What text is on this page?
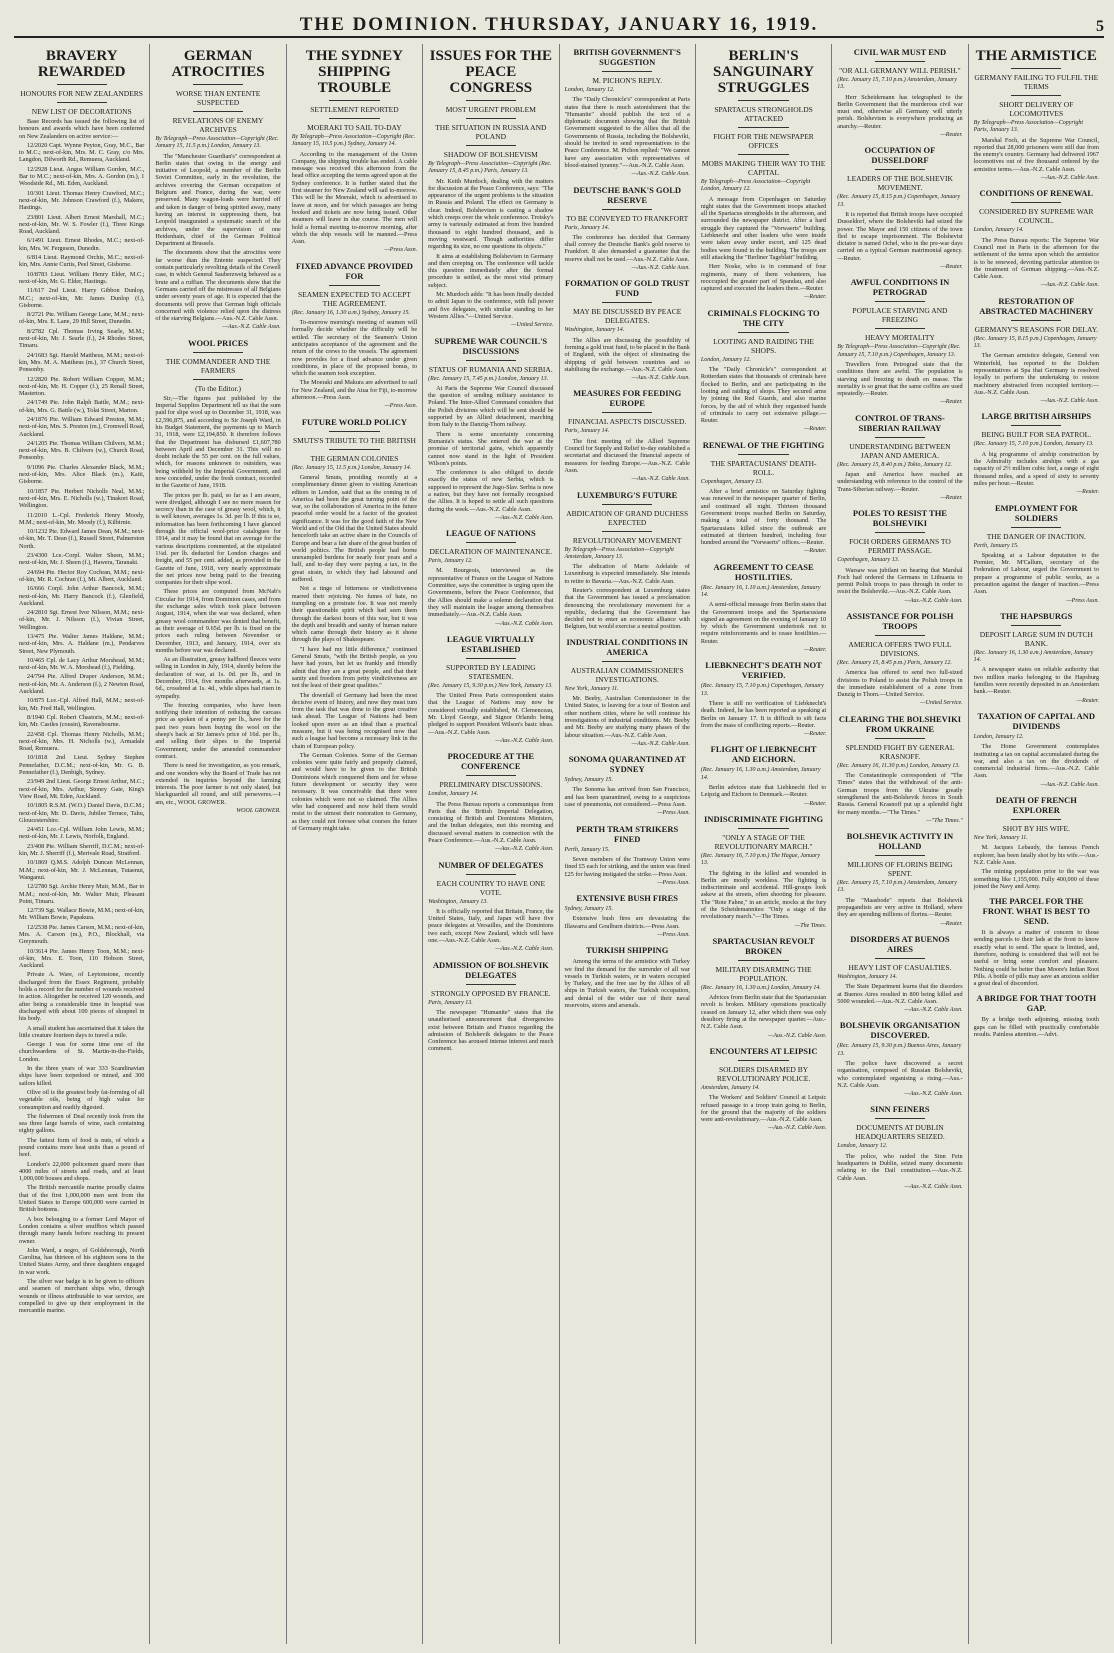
THE DOMINION. THURSDAY, JANUARY 16, 1919.	5
BRAVERY REWARDED
HONOURS FOR NEW ZEALANDERS
NEW LIST OF DECORATIONS

Base Records has issued the following list of honours and awards which have been conferred on New Zealanders on active service:—

12/2020 Capt. Wynne Peyton, Gray, M.C., Bar to M.C.; next-of-kin, Mrs. M. C. Gray, c/o Mrs. Langdon, Dilworth Rd., Remuera, Auckland.

12/2928 Lieut. Angus William Gordon, M.C., Bar to M.C.; next-of-kin, Mrs. A. Gordon (m.), 1 Woodside Rd., Mt. Eden, Auckland.

10/301 Lieut. Thomas Henry Crawford, M.C.; next-of-kin, Mr. Johnson Crawford (f.), Makere, Hastings.

23/801 Lieut. Albert Ernest Marshall, M.C.; next-of-kin, Mr. W. S. Fowler (f.), Three Kings Road, Auckland.

6/1491 Lieut. Ernest Rhodes, M.C.; next-of-kin, Mrs. W. Ferguson, Dunedin.

6/814 Lieut. Raymond Orchis, M.C.; next-of-kin, Mrs. Annie Curtis, Peel Street, Gisborne.

10/8783 Lieut. William Henry Elder, M.C.; next-of-kin, Mr. G. Elder, Hastings.

11/617 2nd Lieut. Harry Gibbon Dunlop, M.C.; next-of-kin, Mr. James Dunlop (f.), Gisborne.

8/2721 Pte. William George Lane, M.M.; next-of-kin, Mrs. E. Lane, 29 Hill Street, Dunedin.

8/2782 Cpl. Thomas Irving Searle, M.M.; next-of-kin, Mr. J. Searle (f.), 24 Rhodes Street, Timaru.

24/1683 Sgt. Harold Mattheus, M.M.; next-of-kin, Mrs. M. A. Mattheus (m.), 37 Church Street, Ponsonby.

12/2820 Pte. Robert William Copper, M.M.; next-of-kin, Mr. H. Copper (f.), 25 Renall Street, Masterton.

24/1749 Pte. John Ralph Battle, M.M.; next-of-kin, Mrs. G. Battle (w.), Tolai Street, Marton.

24/1876 Pte. William Edward Preston, M.M.; next-of-kin, Mrs. S. Preston (m.), Cromwell Road, Auckland.

24/1205 Pte. Thomas William Chilvers, M.M.; next-of-kin, Mrs. B. Chilvers (w.), Church Road, Ponsonby.

9/1096 Pte. Charles Alexander Black, M.M.; next-of-kin, Mrs. Alice Black (m.), Kaiti, Gisborne.

10/1857 Pte. Herbert Nicholls Neal, M.M.; next-of-kin, Mrs. E. Nicholls (w.), Tinakori Road, Wellington.

11/2010 L.-Cpl. Frederick Henry Moody, M.M.; next-of-kin, Mr. Moody (f.), Kilbirnie.

10/1232 Pte. Edward James Dean, M.M.; next-of-kin, Mr. T. Dean (f.), Russell Street, Palmerston North.

23/4300 Lce.-Corpl. Walter Sheen, M.M.; next-of-kin, Mr. J. Sheen (f.), Hawera, Taranaki.

24/694 Pte. Hector Roy Cochran, M.M.; next-of-kin, Mr. R. Cochran (f.), Mt. Albert, Auckland.

16/666 Corpl. John Arthur Bancock, M.M.; next-of-kin, Mr. Harry Bancock (f.), Glenfield, Auckland.

24/2810 Sgt. Ernest Ivor Nilsson, M.M.; next-of-kin, Mr. J. Nilsson (f.), Vivian Street, Wellington.

13/475 Pte. Walter James Haldane, M.M.; next-of-kin, Mrs. A. Haldane (m.), Pendarves Street, New Plymouth.

10/465 Cpl. de Lacy Arthur Morshead, M.M.; next-of-kin, Mr. W. A. Morshead (f.), Fielding.

24/794 Pte. Alfred Draper Anderson, M.M.; next-of-kin, Mr. A. Anderson (f.), 2 Newton Road, Auckland.

10/875 Lce.-Cpl. Alfred Hall, M.M.; next-of-kin, Mr. Fred Hall, Wellington.

8/1940 Cpl. Robert Chastoris, M.M.; next-of-kin, Mr. Castles (cousin), Ravensbourne.

22/458 Cpl. Thomas Henry Nicholls, M.M.; next-of-kin, Mrs. H. Nicholls (w.), Armadale Road, Remuera.

10/1818 2nd Lieut. Sydney Stephen Pennefather, D.C.M.; next-of-kin, Mr. G. B. Pennefather (f.), Denbigh, Sydney.

23/949 2nd Lieut. George Ernest Arthur, M.C.; next-of-kin, Mrs. Arthur, Stoney Gate, King's View Road, Mt. Eden, Auckland.

10/1805 R.S.M. (W.O.) Daniel Davis, D.C.M.; next-of-kin, Mr. D. Davis, Jubilee Terrace, Tahu, Gloucestershire.

24/451 Lce.-Cpl. William John Lewis, M.M.; next-of-kin, Mr. J. Lewis, Norfolk, England.

23/408 Pte. William Sherriff, D.C.M.; next-of-kin, Mr. J. Sherriff (f.), Merivale Road, Stratford.

10/1869 Q.M.S. Adolph Duncan McLennan, M.M.; next-of-kin, Mr. J. McLennan, Tutaenui, Wanganui.

12/2780 Sgt. Archie Henry Muir, M.M., Bar to M.M.; next-of-kin, Mr. Walter Muir, Pleasant Point, Timaru.

12/739 Sgt. Wallace Bowie, M.M.; next-of-kin, Mr. William Bowie, Papakura.

12/2538 Pte. James Carson, M.M.; next-of-kin, Mrs. A. Carson (m.), P.O., Blockhall, via Greymouth.

10/3614 Pte. James Henry Toon, M.M.; next-of-kin, Mrs. E. Toon, 110 Hobson Street, Auckland.

Private A. Ware, of Leytonstone, recently discharged from the Essex Regiment, probably holds a record for the number of wounds received in action. Altogether he received 120 wounds, and after being a considerable time in hospital was discharged with about 100 pieces of shrapnel in his body.

A small student has ascertained that it takes the little creature fourteen days to travel a mile.

George I was for some time one of the churchwardens of St. Martin-in-the-Fields, London.

In the three years of war 333 Scandinavian ships have been torpedoed or mined, and 300 sailors killed.

Olive oil is the greatest body fat-forming of all vegetable oils, being of high value for consumption and readily digested.

The fishermen of Deal recently took from the sea three large barrels of wine, each containing eighty gallons.

The fattest form of food is nuts, of which a pound contains more heat units than a pound of beef.

London's 22,000 policemen guard more than 4000 miles of streets and roads, and at least 1,000,000 houses and shops.

The British mercantile marine proudly claims that of the first 1,000,000 men sent from the United States to Europe 600,000 were carried in British bottoms.

A box belonging to a former Lord Mayor of London contains a silver snuffbox which passed through many hands before reaching its present owner.

John Ward, a negro, of Goldsborough, North Carolina, has thirteen of his eighteen sons in the United States Army, and three daughters engaged in war work.

The silver war badge is to be given to officers and seamen of merchant ships who, through wounds or illness attributable to war service, are compelled to give up their employment in the mercantile marine.

GERMAN ATROCITIES
WORSE THAN ENTENTE SUSPECTED
REVELATIONS OF ENEMY ARCHIVES
By Telegraph—Press Association—Copyright (Rec. January 15, 11.5 p.m.) London, January 13.

The "Manchester Guardian's" correspondent at Berlin states that owing to the energy and initiative of Leopold, a member of the Berlin Soviet Committee, early in the revolution, the archives covering the German occupation of Belgium and France, during the war, were preserved. Many wagon-loads were hurried off and taken in danger of being spirited away, many having an interest in suppressing them, but Leopold inaugurated a systematic search of the archives, under the supervision of one Heidenhain, chief of the German Political Department at Brussels.

The documents show that the atrocities were far worse than the Entente suspected. They contain particularly revolting details of the Cowell case, in which General Sauberzweig behaved as a brute and a ruffian. The documents show that the Germans carried off the mistresses of all Belgians under seventy years of age. It is expected that the documents will prove that German high officials concerned with violence relied upon the distress of the starving Belgians.—Aus.-N.Z. Cable Assn.

—Aus.-N.Z. Cable Assn.
WOOL PRICES
THE COMMANDEER AND THE FARMERS
(To the Editor.)

Sir,—The figures just published by the Imperial Supplies Department tell us that the sum paid for slipe wool up to December 31, 1918, was £2,596,875, and according to Sir Joseph Ward, in his Budget Statement, the payments up to March 31, 1918, were £2,194,850. It therefore follows that the Department has disbursed £1,607,780 between April and December 31. This will no doubt include the 55 per cent. on the full values, which, for reasons unknown to outsiders, was being withheld by the Imperial Government, and now conceded, under the fresh contract, recorded in the Gazette of June, 1918.

The prices per lb. paid, so far as I am aware, were divulged, although I see no more reason for secrecy than in the case of greasy wool, which, it is well known, averages 1s. 3d. per lb. If this is so, information has been forthcoming I have glanced through the official wool-price catalogues for 1914, and it may be found that on average for the various descriptions commented, at the stipulated 1¼d. per lb. deducted for London charges and freight, and 55 per cent. added, as provided in the Gazette of June, 1918, very nearly approximate the net prices now being paid to the freezing companies for their slipe wool.

These prices are computed from McNab's Circular for 1914, from Dominion cases, and from the exchange sales which took place between August, 1914, when the war was declared, when greasy wool commandeer was denied that benefit, as their average of 9.65d. per lb. is fixed on the prices each ruling between November or December, 1913, and January, 1914, over six months before war was declared.

As an illustration, greasy halfbred fleeces were selling in London in July, 1914, shortly before the declaration of war, at 1s. 0d. per lb., and in December, 1914, five months afterwards, at 1s. 6d., crossbred at 1s. 4d., while slipes had risen in sympathy.

The freezing companies, who have been notifying their intention of reducing the carcass price as spoken of a penny per lb., have for the past two years been buying the wool on the sheep's back at Sir James's price of 16d. per lb., and selling their slipes to the Imperial Government, under the amended commandeer contract.

There is need for investigation, as you remark, and one wonders why the Board of Trade has not extended its inquiries beyond the farming interests. The poor farmer is not only slated, but blackguarded all round, and still perseveres.—I am, etc., WOOL GROWER.

WOOL GROWER.
THE SYDNEY SHIPPING TROUBLE
SETTLEMENT REPORTED
MOERAKI TO SAIL TO-DAY
By Telegraph—Press Association—Copyright (Rec. January 15, 10.5 p.m.) Sydney, January 14.

According to the management of the Union Company, the shipping trouble has ended. A cable message was received this afternoon from the head office accepting the terms agreed upon at the Sydney conference. It is further stated that the first steamer for New Zealand will sail to-morrow. This will be the Moeraki, which is advertised to leave at noon, and for which passages are being booked and tickets are now being issued. Other steamers will leave in due course. The men will hold a formal meeting to-morrow morning, after which the ship vessels will be manned.—Press Assn.

—Press Assn.
FIXED ADVANCE PROVIDED FOR
SEAMEN EXPECTED TO ACCEPT THE AGREEMENT.
(Rec. January 16, 1.30 a.m.) Sydney, January 15.

To-morrow morning's meeting of seamen will formally decide whether the difficulty will be settled. The secretary of the Seamen's Union anticipates acceptance of the agreement and the return of the crews to the vessels. The agreement now provides for a fixed advance under given conditions, in place of the proposed bonus, to which the seamen took exception.

The Moeraki and Makura are advertised to sail for New Zealand, and the Atua for Fiji, to-morrow afternoon.—Press Assn.

—Press Assn.
FUTURE WORLD POLICY
SMUTS'S TRIBUTE TO THE BRITISH
THE GERMAN COLONIES
(Rec. January 15, 11.5 p.m.) London, January 14.

General Smuts, presiding recently at a complimentary dinner given to visiting American editors in London, said that as the coming in of America had been the great turning point of the war, so the collaboration of America in the future peaceful order would be a factor of the greatest significance. It was for the good faith of the New World and of the Old that the United States should henceforth take an active share in the Councils of Europe and bear a fair share of the great burden of world politics. The British people had borne unexampled burdens for nearly four years and a half, and to-day they were paying a tax, in the great strain, to which they had laboured and suffered.

Not a tinge of bitterness or vindictiveness marred their rejoicing. No fumes of hate, no trampling on a prostrate foe. It was not merely their questionable spirit which had seen them through the darkest hours of this war, but it was the depth and breadth and sanity of human nature which came through their history as it shone through the plays of Shakespeare.

"I have had my little difference," continued General Smuts, "with the British people, as you have had yours, but let us frankly and friendly admit that they are a great people, and that their sanity and freedom from petty vindictiveness are not the least of their great qualities."

The downfall of Germany had been the most decisive event of history, and now they must turn from the task that was done to the great creative task ahead. The League of Nations had been looked upon more as an ideal than a practical measure, but it was being recognised now that such a league had become a necessary link in the chain of European policy.

The German Colonies. Some of the German colonies were quite fairly and properly claimed, and would have to be given to the British Dominions which conquered them and for whose future development or security they were necessary. It was conceivable that there were colonies which were not so claimed. The Allies who had conquered and now held them would resist to the utmost their restoration to Germany, as they could not foresee what courses the future of Germany might take.

ISSUES FOR THE PEACE CONGRESS
MOST URGENT PROBLEM
THE SITUATION IN RUSSIA AND POLAND
SHADOW OF BOLSHEVISM
By Telegraph—Press Association—Copyright (Rec. January 15, 8.45 p.m.) Paris, January 13.

Mr. Keith Murdoch, dealing with the matters for discussion at the Peace Conference, says: "The appearance of the urgent problems is the situation in Russia and Poland. The effect on Germany is clear. Indeed, Bolshevism is casting a shadow which creeps over the whole conference. Trotsky's army is variously estimated at from five hundred thousand to eight hundred thousand, and is moving westward. Though authorities differ regarding its size, no one questions its objects."

It aims at establishing Bolshevism in Germany and then creeping on. The conference will tackle this question immediately after the formal procedure is settled, as the most vital primary subject.

Mr. Murdoch adds: "It has been finally decided to admit Japan to the conference, with full power and five delegates, with similar standing to her Western Allies."—United Service.

—United Service.
SUPREME WAR COUNCIL'S DISCUSSIONS
STATUS OF RUMANIA AND SERBIA.
(Rec. January 15, 7.45 p.m.) London, January 13.

At Paris the Supreme War Council discussed the question of sending military assistance to Poland. The Inter-Allied Command considers that the Polish divisions which will be sent should be supported by an Allied detachment, marching from Italy to the Danzig-Thorn railway.

There is some uncertainty concerning Rumania's status. She entered the war at the promise of territorial gains, which apparently cannot now stand in the light of President Wilson's points.

The conference is also obliged to decide exactly the status of new Serbia, which is supposed to represent the Jugo-Slav. Serbia is now a nation, but they have not formally recognised the Allies. It is hoped to settle all such questions during the week.—Aus.-N.Z. Cable Assn.

—Aus.-N.Z. Cable Assn.
LEAGUE OF NATIONS
DECLARATION OF MAINTENANCE.
Paris, January 12.

M. Bourgeois, interviewed as the representative of France on the League of Nations Committee, says the committee is urging upon the Governments, before the Peace Conference, that the Allies should make a solemn declaration that they will maintain the league among themselves immediately.—Aus.-N.Z. Cable Assn.

—Aus.-N.Z. Cable Assn.
LEAGUE VIRTUALLY ESTABLISHED
SUPPORTED BY LEADING STATESMEN.
(Rec. January 15, 9.30 p.m.) New York, January 13.

The United Press Paris correspondent states that the League of Nations may now be considered virtually established, M. Clemenceau, Mr. Lloyd George, and Signor Orlando being pledged to support President Wilson's basic ideas.—Aus.-N.Z. Cable Assn.

—Aus.-N.Z. Cable Assn.
PROCEDURE AT THE CONFERENCE
PRELIMINARY DISCUSSIONS.
London, January 14.

The Press Bureau reports a communique from Paris that the British Imperial Delegation, consisting of British and Dominions Ministers, and the Indian delegates, met this morning and discussed several matters in connection with the Peace Conference.—Aus.-N.Z. Cable Assn.

—Aus.-N.Z. Cable Assn.
NUMBER OF DELEGATES
EACH COUNTRY TO HAVE ONE VOTE.
Washington, January 13.

It is officially reported that Britain, France, the United States, Italy, and Japan will have five peace delegates at Versailles, and the Dominions two each, except New Zealand, which will have one.—Aus.-N.Z. Cable Assn.

—Aus.-N.Z. Cable Assn.
ADMISSION OF BOLSHEVIK DELEGATES
STRONGLY OPPOSED BY FRANCE.
Paris, January 13.

The newspaper "Humanite" states that the unauthorised announcement that divergencies exist between Britain and France regarding the admission of Bolshevik delegates to the Peace Conference has aroused intense interest and much comment.

BRITISH GOVERNMENT'S SUGGESTION
M. PICHON'S REPLY.
London, January 12.

The "Daily Chronicle's" correspondent at Paris states that there is much astonishment that the "Humanite" should publish the text of a diplomatic document showing that the British Government suggested to the Allies that all the Governments of Russia, including the Bolsheviki, should be invited to send representatives to the Peace Conference. M. Pichon replied: "We cannot have any association with representatives of blood-stained tyranny."—Aus.-N.Z. Cable Assn.

—Aus.-N.Z. Cable Assn.
DEUTSCHE BANK'S GOLD RESERVE
TO BE CONVEYED TO FRANKFORT
Paris, January 14.

The conference has decided that Germany shall convey the Deutsche Bank's gold reserve to Frankfort. It also demanded a guarantee that the reserve shall not be used.—Aus.-N.Z. Cable Assn.

—Aus.-N.Z. Cable Assn.
FORMATION OF GOLD TRUST FUND
MAY BE DISCUSSED BY PEACE DELEGATES.
Washington, January 14.

The Allies are discussing the possibility of forming a gold trust fund, to be placed in the Bank of England, with the object of eliminating the shipping of gold between countries and so stabilising the exchange.—Aus.-N.Z. Cable Assn.

—Aus.-N.Z. Cable Assn.
MEASURES FOR FEEDING EUROPE
FINANCIAL ASPECTS DISCUSSED.
Paris, January 14.

The first meeting of the Allied Supreme Council for Supply and Relief to-day established a secretariat and discussed the financial aspects of measures for feeding Europe.—Aus.-N.Z. Cable Assn.

—Aus.-N.Z. Cable Assn.
LUXEMBURG'S FUTURE
ABDICATION OF GRAND DUCHESS EXPECTED
REVOLUTIONARY MOVEMENT
By Telegraph—Press Association—Copyright Amsterdam, January 13.

The abdication of Marie Adelaide of Luxemburg is expected immediately. She intends to retire to Bavaria.—Aus.-N.Z. Cable Assn.

Reuter's correspondent at Luxemburg states that the Government has issued a proclamation denouncing the revolutionary movement for a republic, declaring that the Government has decided not to enter an economic alliance with Belgium, but would exercise a neutral position.

INDUSTRIAL CONDITIONS IN AMERICA
AUSTRALIAN COMMISSIONER'S INVESTIGATIONS.
New York, January 11.

Mr. Beeby, Australian Commissioner in the United States, is leaving for a tour of Boston and other northern cities, where he will continue his investigations of industrial conditions. Mr. Beeby and Mr. Beeby are studying many phases of the labour situation.—Aus.-N.Z. Cable Assn.

—Aus.-N.Z. Cable Assn.
SONOMA QUARANTINED AT SYDNEY
Sydney, January 15.

The Sonoma has arrived from San Francisco, and has been quarantined, owing to a suspicious case of pneumonia, not considered.—Press Assn.

—Press Assn.
PERTH TRAM STRIKERS FINED
Perth, January 15.

Seven members of the Tramway Union were fined £5 each for striking, and the union was fined £25 for having instigated the strike.—Press Assn.

—Press Assn.
EXTENSIVE BUSH FIRES
Sydney, January 15.

Extensive bush fires are devastating the Illawarra and Goulburn districts.—Press Assn.

—Press Assn.
TURKISH SHIPPING

Among the terms of the armistice with Turkey we find the demand for the surrender of all war vessels in Turkish waters, or in waters occupied by Turkey, and the free use by the Allies of all ships in Turkish waters, the Turkish occupation, and denial of the wider use of their naval reservoirs, stores and arsenals.

BERLIN'S SANGUINARY STRUGGLES
SPARTACUS STRONGHOLDS ATTACKED
FIGHT FOR THE NEWSPAPER OFFICES
MOBS MAKING THEIR WAY TO THE CAPITAL
By Telegraph—Press Association—Copyright London, January 12.

A message from Copenhagen on Saturday night states that the Government troops attacked all the Spartacus strongholds in the afternoon, and surrounded the newspaper district. After a hard struggle they captured the "Vorwaerts" building. Liebknecht and other leaders who were inside were taken away under escort, and 125 dead bodies were found in the building. The troops are still attacking the "Berliner Tageblatt" building.

Herr Noske, who is in command of four regiments, many of them volunteers, has reoccupied the greater part of Spandau, and also captured and executed the leaders there.—Reuter.

—Reuter.
CRIMINALS FLOCKING TO THE CITY
LOOTING AND RAIDING THE SHOPS.
London, January 12.

The "Daily Chronicle's" correspondent at Rotterdam states that thousands of criminals have flocked to Berlin, and are participating in the looting and raiding of shops. They secured arms by joining the Red Guards, and also marine forces, by the aid of which they organised bands of criminals to carry out extensive pillage.—Reuter.

—Reuter.
RENEWAL OF THE FIGHTING
THE SPARTACUSIANS' DEATH-ROLL.
Copenhagen, January 13.

After a brief armistice on Saturday fighting was renewed in the newspaper quarter of Berlin, and continued all night. Thirteen thousand Government troops reached Berlin on Saturday, making a total of forty thousand. The Spartacusians killed since the outbreak are estimated at thirteen hundred, including four hundred around the "Vorwaerts" offices.—Reuter.

—Reuter.
AGREEMENT TO CEASE HOSTILITIES.
(Rec. January 16, 1.10 a.m.) Amsterdam, January 14.

A semi-official message from Berlin states that the Government troops and the Spartacusians signed an agreement on the evening of January 10 by which the Government undertook not to require reinforcements and to cease hostilities.—Reuter.

—Reuter.
LIEBKNECHT'S DEATH NOT VERIFIED.
(Rec. January 15, 7.10 p.m.) Copenhagen, January 13.

There is still no verification of Liebknecht's death. Indeed, he has been reported as speaking at Berlin on January 17. It is difficult to sift facts from the mass of conflicting reports.—Reuter.

—Reuter.
FLIGHT OF LIEBKNECHT AND EICHORN.
(Rec. January 16, 1.30 a.m.) Amsterdam, January 14.

Berlin advices state that Liebknecht fled to Leipzig and Eichorn to Denmark.—Reuter.

—Reuter.
INDISCRIMINATE FIGHTING
"ONLY A STAGE OF THE REVOLUTIONARY MARCH."
(Rec. January 16, 7.10 p.m.) The Hague, January 13.

The fighting in the killed and wounded in Berlin are mostly workless. The fighting is indiscriminate and accidental. Hill-groups look askew at the streets, often shooting for pleasure. The "Rote Fahne," in an article, mocks at the fury of the Scheidemannites: "Only a stage of the revolutionary march."—The Times.

—The Times.
SPARTACUSIAN REVOLT BROKEN
MILITARY DISARMING THE POPULATION.
(Rec. January 16, 1.30 a.m.) London, January 14.

Advices from Berlin state that the Spartacusian revolt is broken. Military operations practically ceased on January 12, after which there was only desultory firing at the newspaper quarter.—Aus.-N.Z. Cable Assn.

—Aus.-N.Z. Cable Assn.
ENCOUNTERS AT LEIPSIC
SOLDIERS DISARMED BY REVOLUTIONARY POLICE.
Amsterdam, January 14.

The Workers' and Soldiers' Council at Leipsic refused passage to a troop train going to Berlin, for the ground that the majority of the soldiers were anti-revolutionary.—Aus.-N.Z. Cable Assn.

—Aus.-N.Z. Cable Assn.
CIVIL WAR MUST END
"OR ALL GERMANY WILL PERISH."
(Rec. January 15, 7.10 p.m.) Amsterdam, January 13.

Herr Scheidemann has telegraphed to the Berlin Government that the murderous civil war must end, otherwise all Germany will utterly perish. Bolshevism is everywhere producing an anarchy.—Reuter.

—Reuter.
OCCUPATION OF DUSSELDORF
LEADERS OF THE BOLSHEVIK MOVEMENT.
(Rec. January 15, 8.15 p.m.) Copenhagen, January 13.

It is reported that British troops have occupied Dusseldorf, where the Bolsheviki had seized the power. The Mayor and 150 citizens of the town fled to escape imprisonment. The Bolshevist dictator is named Ochel, who in the pre-war days carried on a typical German matrimonial agency.—Reuter.

—Reuter.
AWFUL CONDITIONS IN PETROGRAD
POPULACE STARVING AND FREEZING
HEAVY MORTALITY
By Telegraph—Press Association—Copyright (Rec. January 15, 7.10 p.m.) Copenhagen, January 13.

Travellers from Petrograd state that the conditions there are awful. The population is starving and freezing to death en masse. The mortality is so great that the same coffins are used repeatedly.—Reuter.

—Reuter.
CONTROL OF TRANS-SIBERIAN RAILWAY
UNDERSTANDING BETWEEN JAPAN AND AMERICA.
(Rec. January 15, 8.40 p.m.) Tokio, January 12.

Japan and America have reached an understanding with reference to the control of the Trans-Siberian railway.—Reuter.

—Reuter.
POLES TO RESIST THE BOLSHEVIKI
FOCH ORDERS GERMANS TO PERMIT PASSAGE.
Copenhagen, January 13.

Warsaw was jubilant on hearing that Marshal Foch had ordered the Germans in Lithuania to permit Polish troops to pass through in order to resist the Bolsheviki.—Aus.-N.Z. Cable Assn.

—Aus.-N.Z. Cable Assn.
ASSISTANCE FOR POLISH TROOPS
AMERICA OFFERS TWO FULL DIVISIONS.
(Rec. January 15, 8.45 p.m.) Paris, January 12.

America has offered to send two full-sized divisions to Poland to assist the Polish troops in the immediate establishment of a zone from Danzig to Thorn.—United Service.

—United Service.
CLEARING THE BOLSHEVIKI FROM UKRAINE
SPLENDID FIGHT BY GENERAL KRASNOFF.
(Rec. January 16, 11.30 p.m.) London, January 13.

The Constantinople correspondent of "The Times" states that the withdrawal of the anti-German troops from the Ukraine greatly strengthened the anti-Bolshevik forces in South Russia. General Krasnoff put up a splendid fight for many months.—"The Times."

—"The Times."
BOLSHEVIK ACTIVITY IN HOLLAND
MILLIONS OF FLORINS BEING SPENT.
(Rec. January 15, 7.10 p.m.) Amsterdam, January 13.

The "Maasbode" reports that Bolshevik propagandists are very active in Holland, where they are spending millions of florins.—Reuter.

—Reuter.
DISORDERS AT BUENOS AIRES
HEAVY LIST OF CASUALTIES.
Washington, January 14.

The State Department learns that the disorders at Buenos Aires resulted in 800 being killed and 5000 wounded.—Aus.-N.Z. Cable Assn.

—Aus.-N.Z. Cable Assn.
BOLSHEVIK ORGANISATION DISCOVERED.
(Rec. January 15, 9.30 p.m.) Buenos Aires, January 13.

The police have discovered a secret organisation, composed of Russian Bolsheviki, who contemplated organising a rising.—Aus.-N.Z. Cable Assn.

—Aus.-N.Z. Cable Assn.
SINN FEINERS
DOCUMENTS AT DUBLIN HEADQUARTERS SEIZED.
London, January 12.

The police, who raided the Sinn Fein headquarters in Dublin, seized many documents relating to the Dail constitution.—Aus.-N.Z. Cable Assn.

—Aus.-N.Z. Cable Assn.
THE ARMISTICE
GERMANY FAILING TO FULFIL THE TERMS
SHORT DELIVERY OF LOCOMOTIVES
By Telegraph—Press Association—Copyright Paris, January 13.

Marshal Foch, at the Supreme War Council, reported that 28,000 prisoners were still due from the enemy's country. Germany had delivered 1967 locomotives out of five thousand ordered by the armistice terms.—Aus.-N.Z. Cable Assn.

—Aus.-N.Z. Cable Assn.
CONDITIONS OF RENEWAL
CONSIDERED BY SUPREME WAR COUNCIL.
London, January 14.

The Press Bureau reports: The Supreme War Council met in Paris in the afternoon for the settlement of the terms upon which the armistice is to be renewed, devoting particular attention to the treatment of German shipping.—Aus.-N.Z. Cable Assn.

—Aus.-N.Z. Cable Assn.
RESTORATION OF ABSTRACTED MACHINERY
GERMANY'S REASONS FOR DELAY.
(Rec. January 15, 8.15 p.m.) Copenhagen, January 13.

The German armistice delegate, General von Winterfeld, has reported to the Dolchen representatives at Spa that Germany is resolved loyally to perform the undertaking to restore machinery abstracted from occupied territory.—Aus.-N.Z. Cable Assn.

—Aus.-N.Z. Cable Assn.
LARGE BRITISH AIRSHIPS
BEING BUILT FOR SEA PATROL.
(Rec. January 15, 7.10 p.m.) London, January 13.

A big programme of airship construction by the Admiralty includes airships with a gas capacity of 2½ million cubic feet, a range of eight thousand miles, and a speed of sixty to seventy miles per hour.—Reuter.

—Reuter.
EMPLOYMENT FOR SOLDIERS
THE DANGER OF INACTION.
Perth, January 15.

Speaking at a Labour deputation to the Premier, Mr. M'Callum, secretary of the Federation of Labour, urged the Government to prepare a programme of public works, as a precaution against the danger of inaction.—Press Assn.

—Press Assn.
THE HAPSBURGS
DEPOSIT LARGE SUM IN DUTCH BANK.
(Rec. January 16, 1.30 a.m.) Amsterdam, January 14.

A newspaper states on reliable authority that two million marks belonging to the Hapsburg families were recently deposited in an Amsterdam bank.—Reuter.

—Reuter.
TAXATION OF CAPITAL AND DIVIDENDS
London, January 12.

The Home Government contemplates instituting a tax on capital accumulated during the war, and also a tax on the dividends of commercial industrial firms.—Aus.-N.Z. Cable Assn.

—Aus.-N.Z. Cable Assn.
DEATH OF FRENCH EXPLORER
SHOT BY HIS WIFE.
New York, January 11.

M. Jacques Lebaudy, the famous French explorer, has been fatally shot by his wife.—Aus.-N.Z. Cable Assn.

The mining population prior to the war was something like 1,155,000. Fully 400,000 of these joined the Navy and Army.

THE PARCEL FOR THE FRONT. WHAT IS BEST TO SEND.

It is always a matter of concern to those sending parcels to their lads at the front to know exactly what to send. The space is limited, and, therefore, nothing is considered that will not be useful or bring some comfort and pleasure. Nothing could be better than Moore's Indian Root Pills. A bottle of pills may save an anxious soldier a great deal of discomfort.

A BRIDGE FOR THAT TOOTH GAP.

By a bridge tooth adjoining, missing tooth gaps can be filled with practically comfortable results. Painless attention.—Advt.
